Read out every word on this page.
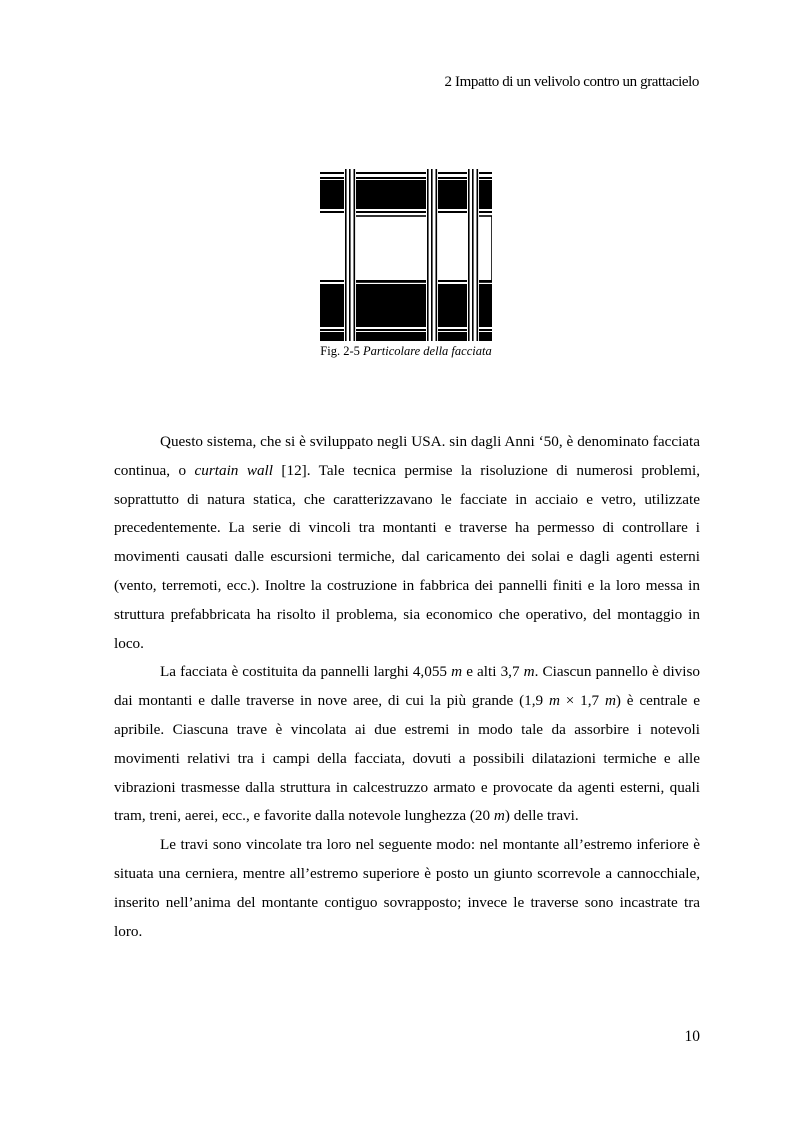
2 Impatto di un velivolo contro un grattacielo
Fig. 2-5 Particolare della facciata

Questo sistema, che si è sviluppato negli USA. sin dagli Anni ‘50, è denominato facciata continua, o curtain wall [12]. Tale tecnica permise la risoluzione di numerosi problemi, soprattutto di natura statica, che caratterizzavano le facciate in acciaio e vetro, utilizzate precedentemente. La serie di vincoli tra montanti e traverse ha permesso di controllare i movimenti causati dalle escursioni termiche, dal caricamento dei solai e dagli agenti esterni (vento, terremoti, ecc.). Inoltre la costruzione in fabbrica dei pannelli finiti e la loro messa in struttura prefabbricata ha risolto il problema, sia economico che operativo, del montaggio in loco.

La facciata è costituita da pannelli larghi 4,055 m e alti 3,7 m. Ciascun pannello è diviso dai montanti e dalle traverse in nove aree, di cui la più grande (1,9 m × 1,7 m) è centrale e apribile. Ciascuna trave è vincolata ai due estremi in modo tale da assorbire i notevoli movimenti relativi tra i campi della facciata, dovuti a possibili dilatazioni termiche e alle vibrazioni trasmesse dalla struttura in calcestruzzo armato e provocate da agenti esterni, quali tram, treni, aerei, ecc., e favorite dalla notevole lunghezza (20 m) delle travi.

Le travi sono vincolate tra loro nel seguente modo: nel montante all’estremo inferiore è situata una cerniera, mentre all’estremo superiore è posto un giunto scorrevole a cannocchiale, inserito nell’anima del montante contiguo sovrapposto; invece le traverse sono incastrate tra loro.

10
